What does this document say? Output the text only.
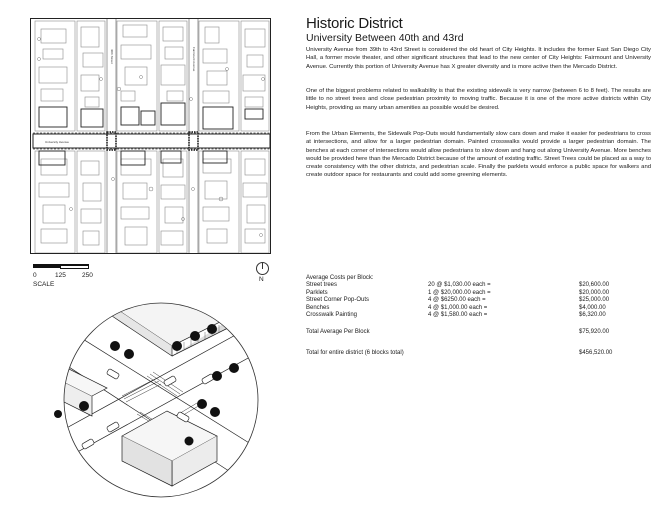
University Avenue
40th Street	Fairmount Avenue
0	125 250
SCALE
N
Historic District
University Between 40th and 43rd
University Avenue from 39th to 43rd Street is considered the old heart of City Heights. It includes the former East San Diego City Hall, a former movie theater, and other significant structures that lead to the new center of City Heights: Fairmount and University Avenue. Currently this portion of University Avenue has X greater diversity and is more active then the Mercado District.
One of the biggest problems related to walkability is that the existing sidewalk is very narrow (between 6 to 8 feet). The results are little to no street trees and close pedestrian proximity to moving traffic. Because it is one of the more active districts within City Heights, providing as many urban amenities as possible would be desired.
From the Urban Elements, the Sidewalk Pop-Outs would fundamentally slow cars down and make it easier for pedestrians to cross at intersections, and allow for a larger pedestrian domain. Painted crosswalks would provide a larger pedestrian domain. The benches at each corner of intersections would allow pedestrians to slow down and hang out along University Avenue. More benches would be provided here than the Mercado District because of the amount of existing traffic. Street Trees could be placed as a way to create consistency with the other districts, and pedestrian scale. Finally the parklets would enforce a public space for walkers and create outdoor space for restaurants and could add some greening elements.
Average Costs per Block:
Street trees	20 @ $1,030.00 each =	$20,600.00
Parklets	1 @ $20,000.00 each =	$20,000.00
Street Corner Pop-Outs	4 @ $6250.00 each =	$25,000.00
Benches	4 @ $1,000.00 each =	$4,000.00
Crosswalk Painting	4 @ $1,580.00 each =	$6,320.00
Total Average Per Block	$75,920.00
Total for entire district (6 blocks total)	$456,520.00
